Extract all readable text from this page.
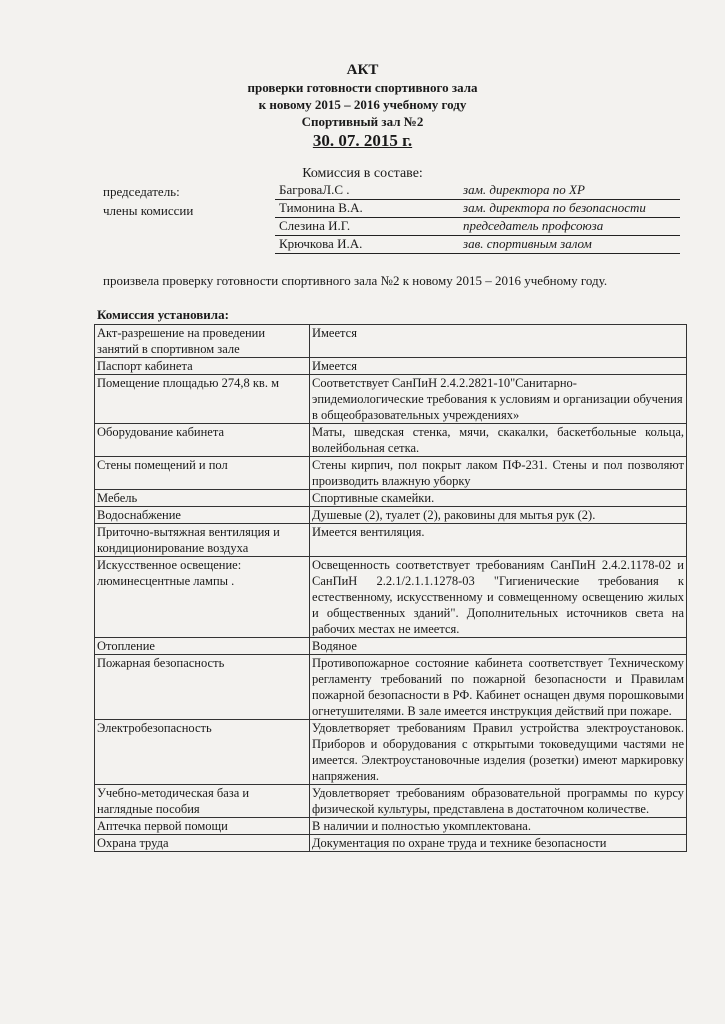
АКТ
проверки готовности спортивного зала
к новому 2015 – 2016 учебному году
Спортивный зал №2
30. 07. 2015 г.
Комиссия в составе:
председатель:
члены комиссии
БагроваЛ.С .	зам. директора по ХР
Тимонина В.А.	зам. директора по безопасности
Слезина И.Г.	председатель профсоюза
Крючкова И.А.	зав. спортивным залом
произвела проверку готовности спортивного зала №2 к новому 2015 – 2016 учебному году.
Комиссия установила:
Акт-разрешение на проведении занятий в спортивном зале	Имеется
Паспорт кабинета	Имеется
Помещение площадью 274,8 кв. м	Соответствует СанПиН 2.4.2.2821-10"Санитарно-эпидемиологические требования к условиям и организации обучения в общеобразовательных учреждениях»
Оборудование кабинета	Маты, шведская стенка, мячи, скакалки, баскетбольные кольца, волейбольная сетка.
Стены помещений и пол	Стены кирпич, пол покрыт лаком ПФ-231. Стены и пол позволяют производить влажную уборку
Мебель	Спортивные скамейки.
Водоснабжение	Душевые (2), туалет (2), раковины для мытья рук (2).
Приточно-вытяжная вентиляция и кондиционирование воздуха	Имеется вентиляция.
Искусственное освещение: люминесцентные лампы .	Освещенность соответствует требованиям СанПиН 2.4.2.1178-02 и СанПиН 2.2.1/2.1.1.1278-03 "Гигиенические требования к естественному, искусственному и совмещенному освещению жилых и общественных зданий". Дополнительных источников света на рабочих местах не имеется.
Отопление	Водяное
Пожарная безопасность	Противопожарное состояние кабинета соответствует Техническому регламенту требований по пожарной безопасности и Правилам пожарной безопасности в РФ. Кабинет оснащен двумя порошковыми огнетушителями. В зале имеется инструкция действий при пожаре.
Электробезопасность	Удовлетворяет требованиям Правил устройства электроустановок. Приборов и оборудования с открытыми токоведущими частями не имеется. Электроустановочные изделия (розетки) имеют маркировку напряжения.
Учебно-методическая база и наглядные пособия	Удовлетворяет требованиям образовательной программы по курсу физической культуры, представлена в достаточном количестве.
Аптечка первой помощи	В наличии и полностью укомплектована.
Охрана труда	Документация по охране труда и технике безопасности
